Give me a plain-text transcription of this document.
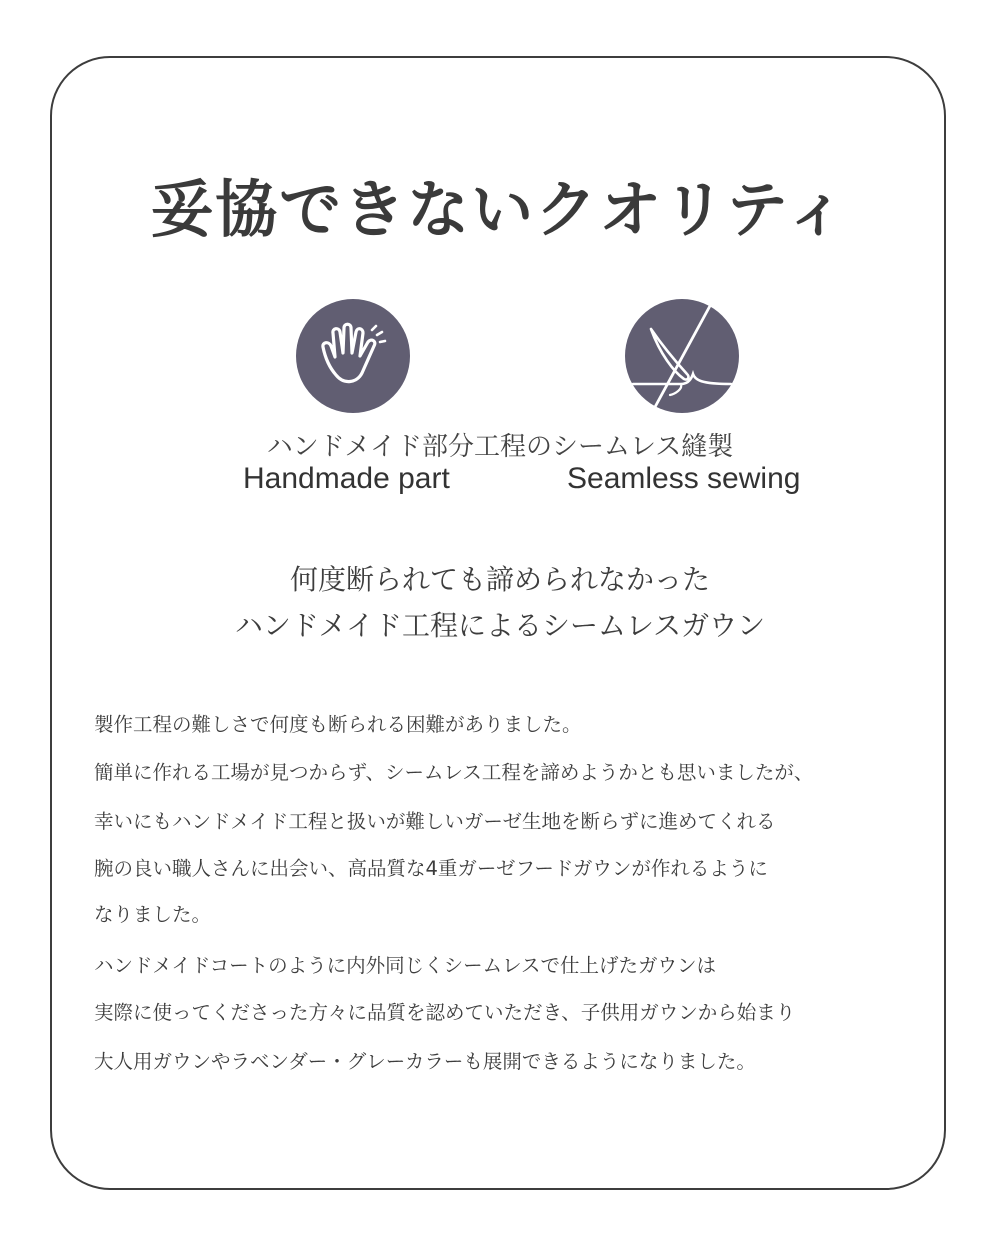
妥協できないクオリティ
ハンドメイド部分工程のシームレス縫製
Handmade part	Seamless sewing
何度断られても諦められなかった
ハンドメイド工程によるシームレスガウン
製作工程の難しさで何度も断られる困難がありました。
簡単に作れる工場が見つからず、シームレス工程を諦めようかとも思いましたが、
幸いにもハンドメイド工程と扱いが難しいガーゼ生地を断らずに進めてくれる
腕の良い職人さんに出会い、高品質な4重ガーゼフードガウンが作れるように
なりました。
ハンドメイドコートのように内外同じくシームレスで仕上げたガウンは
実際に使ってくださった方々に品質を認めていただき、子供用ガウンから始まり
大人用ガウンやラベンダー・グレーカラーも展開できるようになりました。
